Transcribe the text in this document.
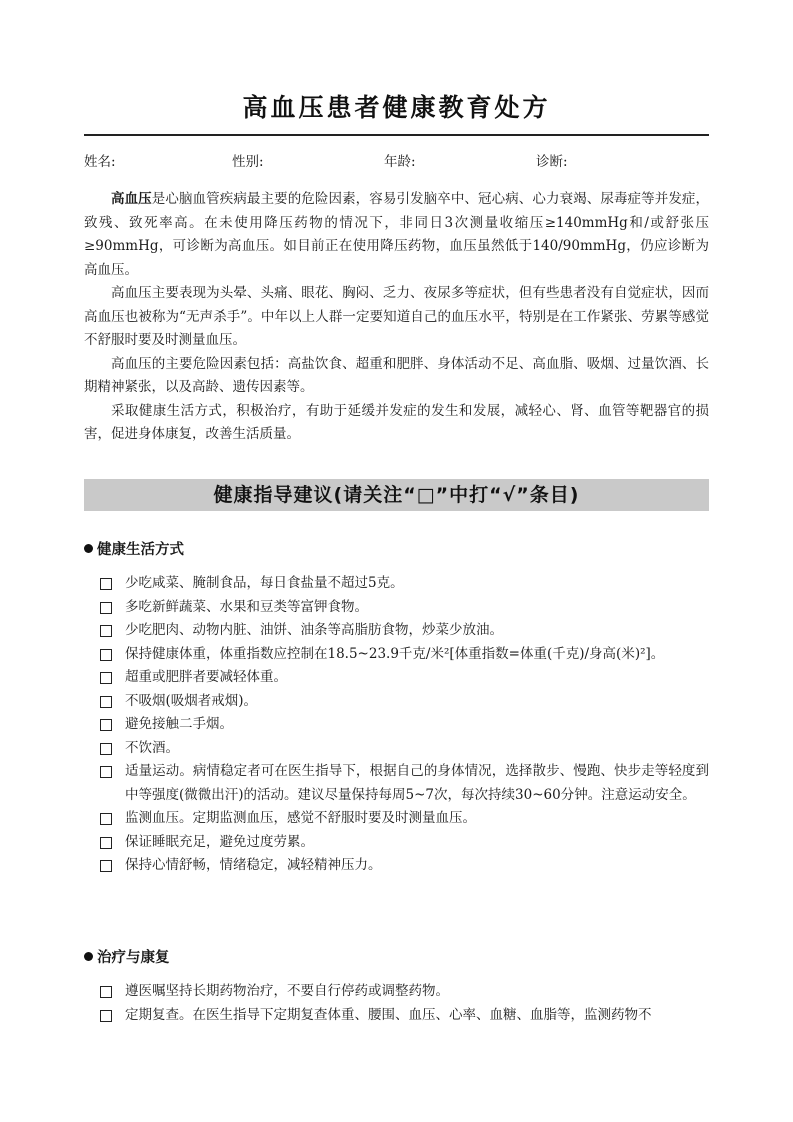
高血压患者健康教育处方
姓名:	性别:	年龄:	诊断:

高血压是心脑血管疾病最主要的危险因素，容易引发脑卒中、冠心病、心力衰竭、尿毒症等并发症，致残、致死率高。在未使用降压药物的情况下，非同日3次测量收缩压≥140mmHg和/或舒张压≥90mmHg，可诊断为高血压。如目前正在使用降压药物，血压虽然低于140/90mmHg，仍应诊断为高血压。

高血压主要表现为头晕、头痛、眼花、胸闷、乏力、夜尿多等症状，但有些患者没有自觉症状，因而高血压也被称为“无声杀手”。中年以上人群一定要知道自己的血压水平，特别是在工作紧张、劳累等感觉不舒服时要及时测量血压。

高血压的主要危险因素包括：高盐饮食、超重和肥胖、身体活动不足、高血脂、吸烟、过量饮酒、长期精神紧张，以及高龄、遗传因素等。

采取健康生活方式，积极治疗，有助于延缓并发症的发生和发展，减轻心、肾、血管等靶器官的损害，促进身体康复，改善生活质量。

健康指导建议(请关注“□”中打“√”条目)
健康生活方式
少吃咸菜、腌制食品，每日食盐量不超过5克。
多吃新鲜蔬菜、水果和豆类等富钾食物。
少吃肥肉、动物内脏、油饼、油条等高脂肪食物，炒菜少放油。
保持健康体重，体重指数应控制在18.5~23.9千克/米²[体重指数=体重(千克)/身高(米)²]。
超重或肥胖者要减轻体重。
不吸烟(吸烟者戒烟)。
避免接触二手烟。
不饮酒。
适量运动。病情稳定者可在医生指导下，根据自己的身体情况，选择散步、慢跑、快步走等轻度到中等强度(微微出汗)的活动。建议尽量保持每周5~7次，每次持续30~60分钟。注意运动安全。
监测血压。定期监测血压，感觉不舒服时要及时测量血压。
保证睡眠充足，避免过度劳累。
保持心情舒畅，情绪稳定，减轻精神压力。
治疗与康复
遵医嘱坚持长期药物治疗，不要自行停药或调整药物。
定期复查。在医生指导下定期复查体重、腰围、血压、心率、血糖、血脂等，监测药物不
